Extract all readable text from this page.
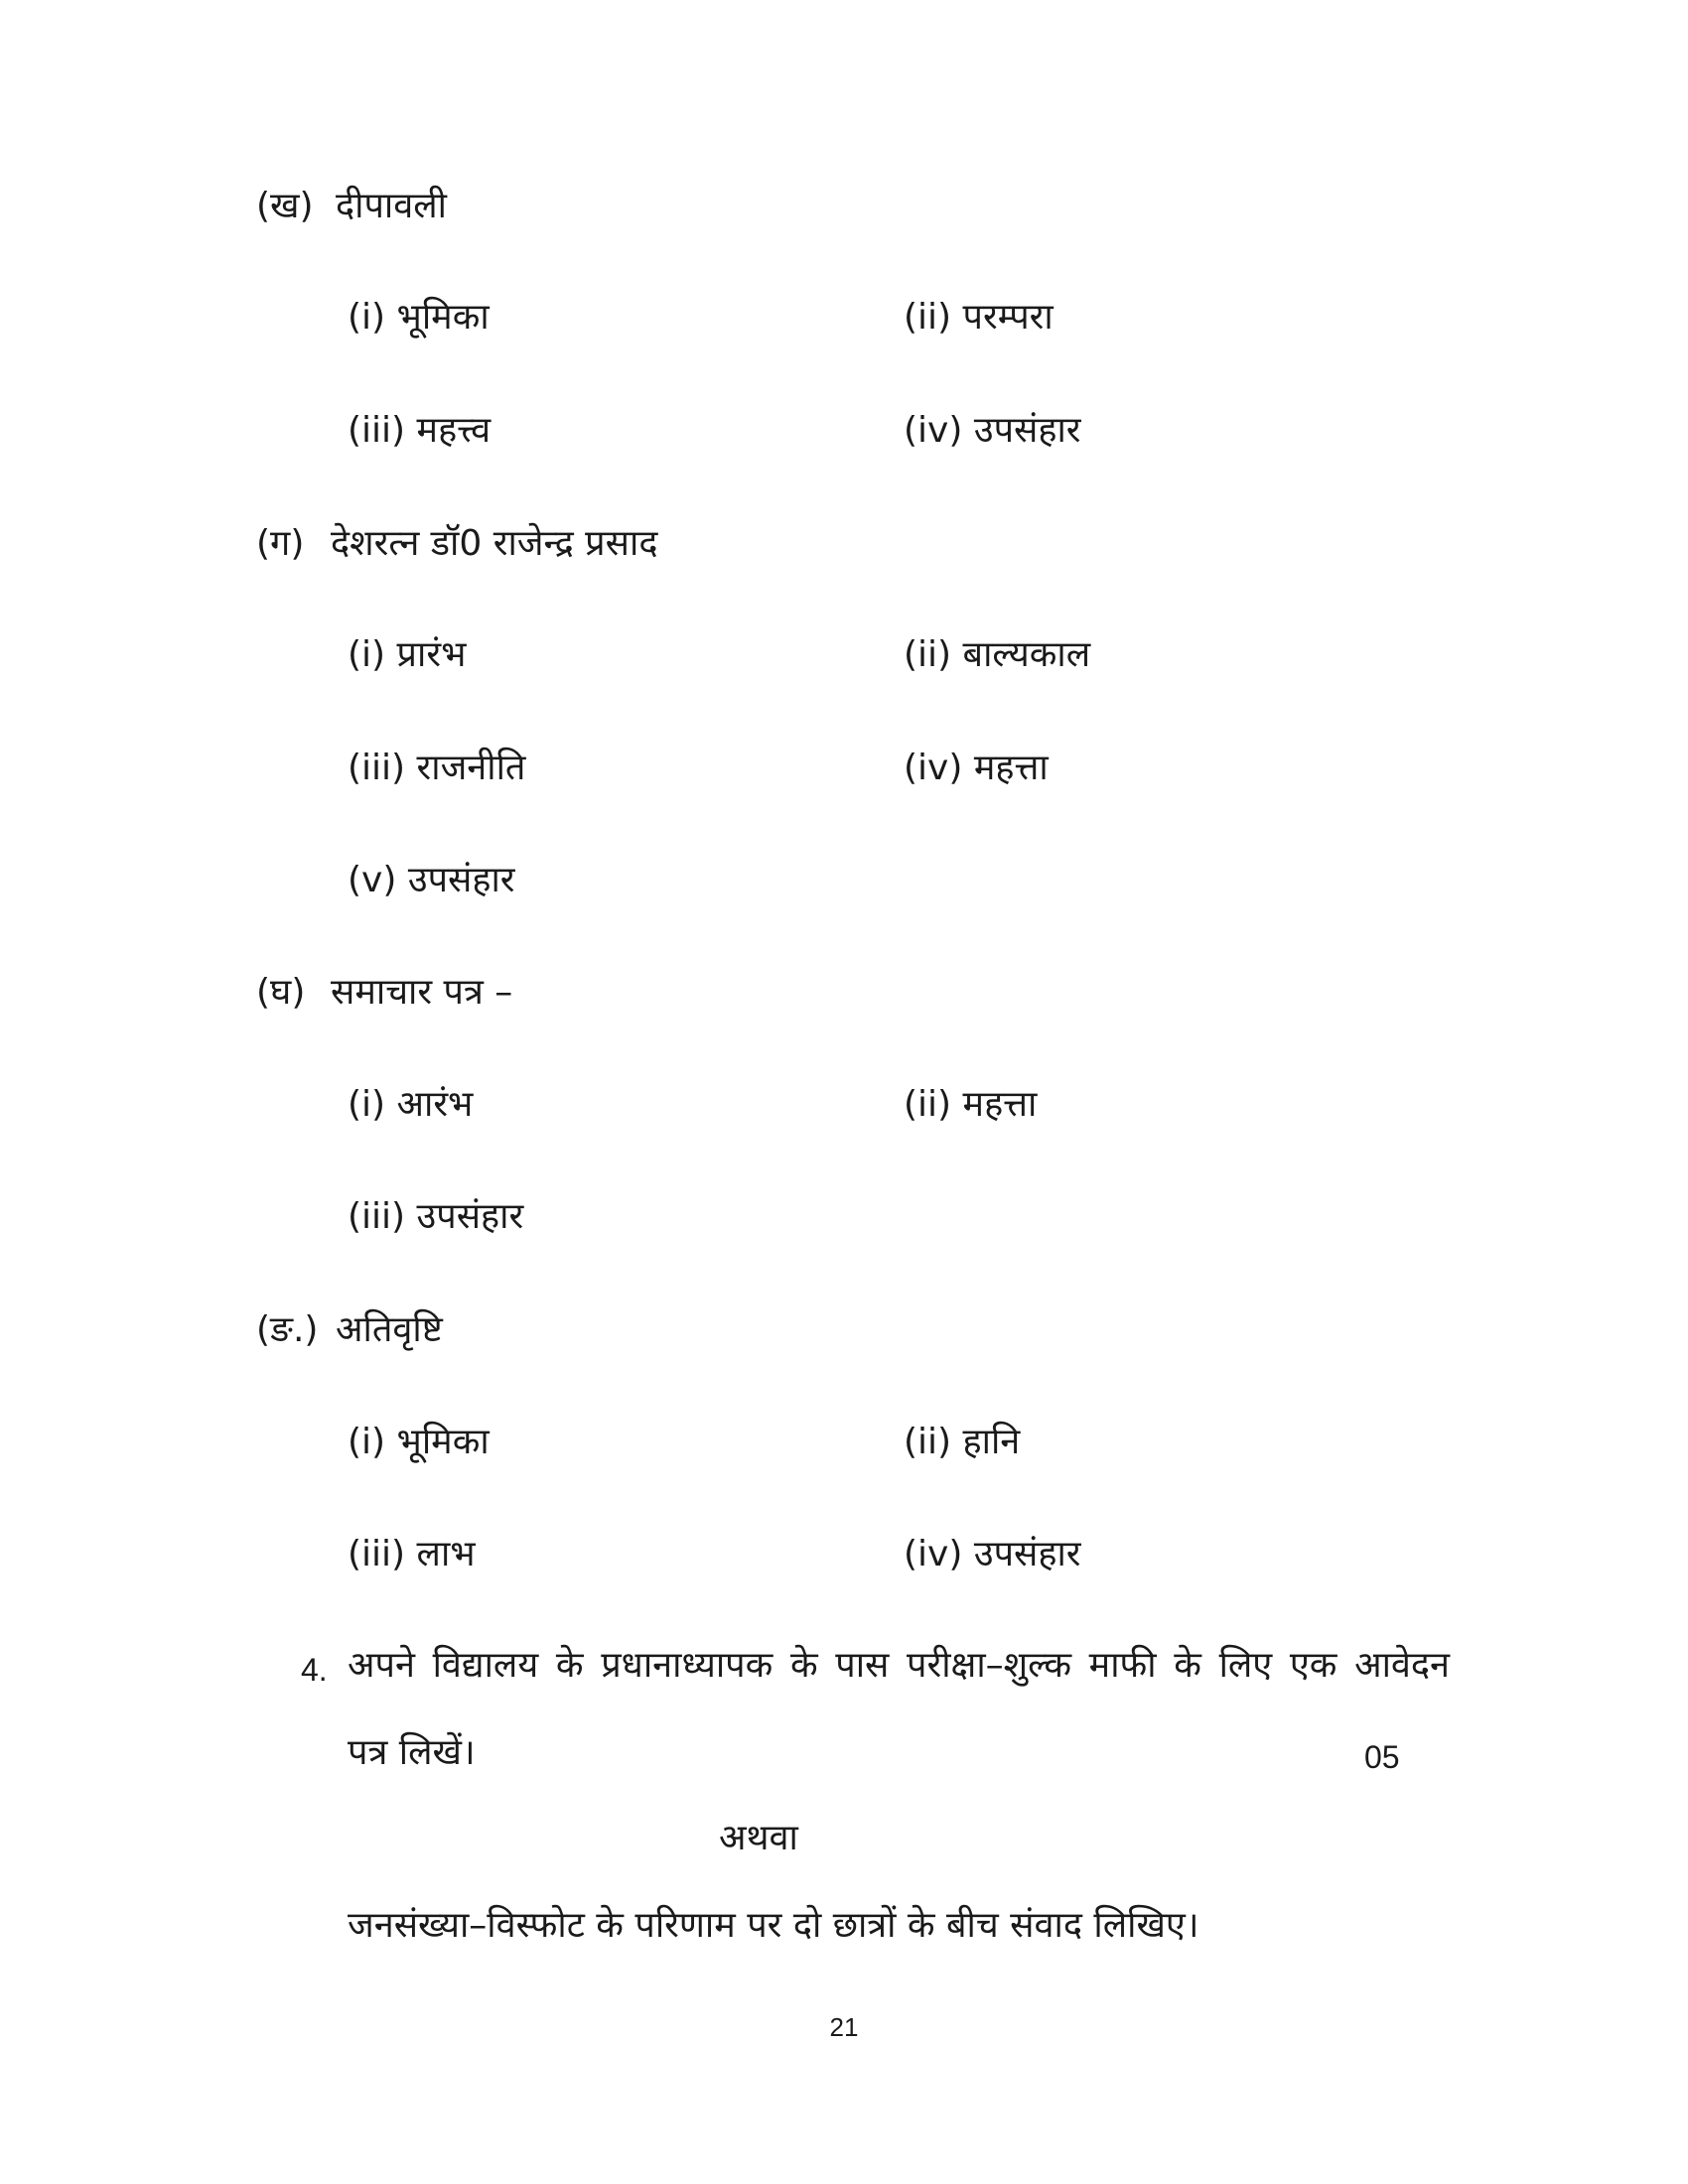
(ख) दीपावली
(i) भूमिका	(ii) परम्परा
(iii) महत्त्व	(iv) उपसंहार
(ग) देशरत्न डॉ0 राजेन्द्र प्रसाद
(i) प्रारंभ	(ii) बाल्यकाल
(iii) राजनीति	(iv) महत्ता
(v) उपसंहार
(घ) समाचार पत्र –
(i) आरंभ	(ii) महत्ता
(iii) उपसंहार
(ङ.) अतिवृष्टि
(i) भूमिका	(ii) हानि
(iii) लाभ	(iv) उपसंहार
4. अपने विद्यालय के प्रधानाध्यापक के पास परीक्षा–शुल्क माफी के लिए एक आवेदन
पत्र लिखें।	05
अथवा
जनसंख्या–विस्फोट के परिणाम पर दो छात्रों के बीच संवाद लिखिए।
21
